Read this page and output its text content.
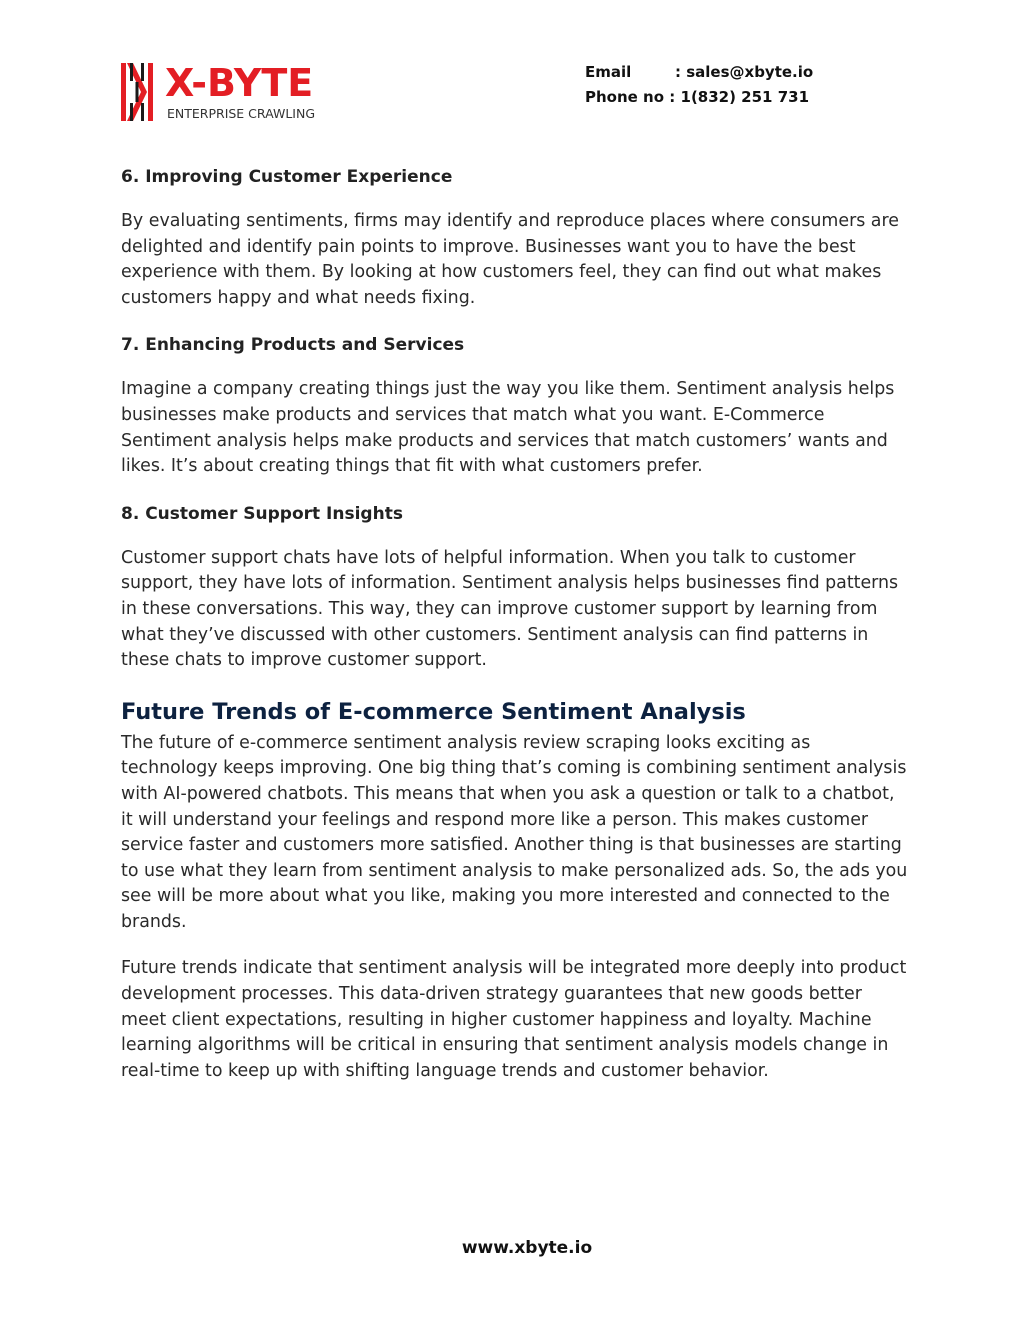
X-BYTE
ENTERPRISE CRAWLING
Email	: sales@xbyte.io
Phone no : 1(832) 251 731
6. Improving Customer Experience

By evaluating sentiments, firms may identify and reproduce places where consumers are delighted and identify pain points to improve. Businesses want you to have the best experience with them. By looking at how customers feel, they can find out what makes customers happy and what needs fixing.

7. Enhancing Products and Services

Imagine a company creating things just the way you like them. Sentiment analysis helps businesses make products and services that match what you want. E-Commerce Sentiment analysis helps make products and services that match customers’ wants and likes. It’s about creating things that fit with what customers prefer.

8. Customer Support Insights

Customer support chats have lots of helpful information. When you talk to customer support, they have lots of information. Sentiment analysis helps businesses find patterns in these conversations. This way, they can improve customer support by learning from what they’ve discussed with other customers. Sentiment analysis can find patterns in these chats to improve customer support.

Future Trends of E-commerce Sentiment Analysis

The future of e-commerce sentiment analysis review scraping looks exciting as technology keeps improving. One big thing that’s coming is combining sentiment analysis with AI-powered chatbots. This means that when you ask a question or talk to a chatbot, it will understand your feelings and respond more like a person. This makes customer service faster and customers more satisfied. Another thing is that businesses are starting to use what they learn from sentiment analysis to make personalized ads. So, the ads you see will be more about what you like, making you more interested and connected to the brands.

Future trends indicate that sentiment analysis will be integrated more deeply into product development processes. This data-driven strategy guarantees that new goods better meet client expectations, resulting in higher customer happiness and loyalty. Machine learning algorithms will be critical in ensuring that sentiment analysis models change in real-time to keep up with shifting language trends and customer behavior.

www.xbyte.io
